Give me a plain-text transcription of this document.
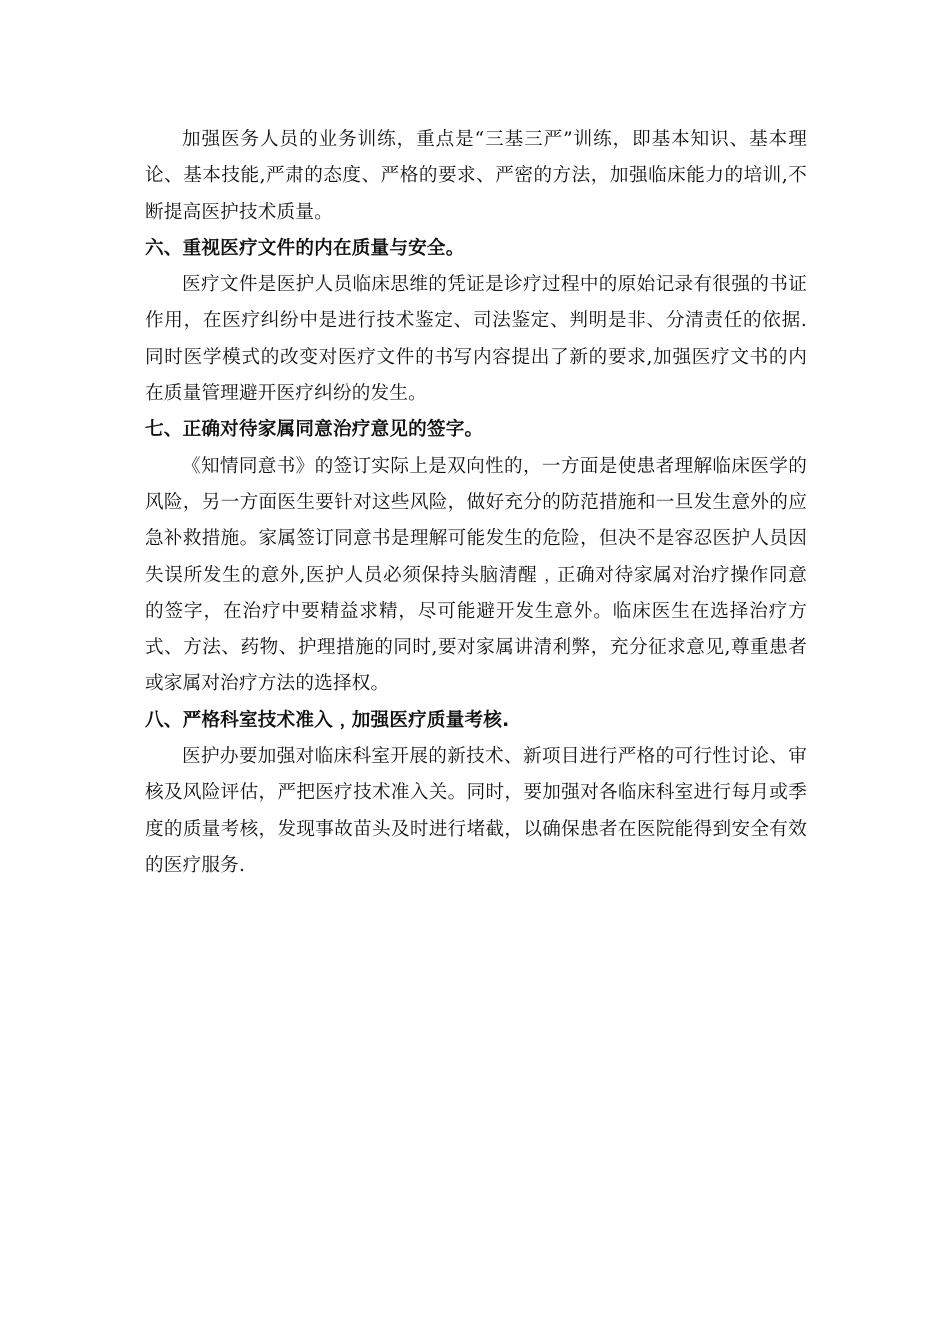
加强医务人员的业务训练，重点是“三基三严”训练，即基本知识、基本理论、基本技能,严肃的态度、严格的要求、严密的方法，加强临床能力的培训,不断提高医护技术质量。

六、重视医疗文件的内在质量与安全。

医疗文件是医护人员临床思维的凭证是诊疗过程中的原始记录有很强的书证作用，在医疗纠纷中是进行技术鉴定、司法鉴定、判明是非、分清责任的依据.同时医学模式的改变对医疗文件的书写内容提出了新的要求,加强医疗文书的内在质量管理避开医疗纠纷的发生。

七、正确对待家属同意治疗意见的签字。

《知情同意书》的签订实际上是双向性的，一方面是使患者理解临床医学的风险，另一方面医生要针对这些风险，做好充分的防范措施和一旦发生意外的应急补救措施。家属签订同意书是理解可能发生的危险，但决不是容忍医护人员因失误所发生的意外,医护人员必须保持头脑清醒﹐正确对待家属对治疗操作同意的签字，在治疗中要精益求精，尽可能避开发生意外。临床医生在选择治疗方式、方法、药物、护理措施的同时,要对家属讲清利弊，充分征求意见,尊重患者或家属对治疗方法的选择权。

八、严格科室技术准入﹐加强医疗质量考核.

医护办要加强对临床科室开展的新技术、新项目进行严格的可行性讨论、审核及风险评估，严把医疗技术准入关。同时，要加强对各临床科室进行每月或季度的质量考核，发现事故苗头及时进行堵截，以确保患者在医院能得到安全有效的医疗服务.
